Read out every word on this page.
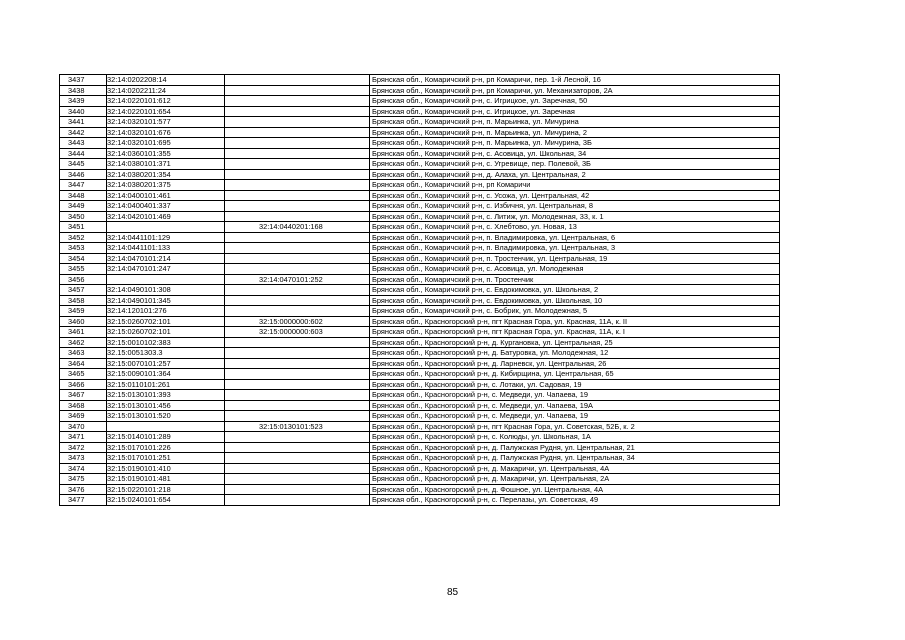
3437	32:14:0202208:14		Брянская обл., Комаричский р-н, рп Комаричи, пер. 1-й Лесной, 16
3438	32:14:0202211:24		Брянская обл., Комаричский р-н, рп Комаричи, ул. Механизаторов, 2А
3439	32:14:0220101:612		Брянская обл., Комаричский р-н, с. Игрицкое, ул. Заречная, 50
3440	32:14:0220101:654		Брянская обл., Комаричский р-н, с. Игрицкое, ул. Заречная
3441	32:14:0320101:577		Брянская обл., Комаричский р-н, п. Марьинка, ул. Мичурина
3442	32:14:0320101:676		Брянская обл., Комаричский р-н, п. Марьинка, ул. Мичурина, 2
3443	32:14:0320101:695		Брянская обл., Комаричский р-н, п. Марьинка, ул. Мичурина, 3Б
3444	32:14:0360101:355		Брянская обл., Комаричский р-н, с. Асовица, ул. Школьная, 34
3445	32:14:0380101:371		Брянская обл., Комаричский р-н, с. Угревище, пер. Полевой, 3Б
3446	32:14:0380201:354		Брянская обл., Комаричский р-н, д. Алаха, ул. Центральная, 2
3447	32:14:0380201:375		Брянская обл., Комаричский р-н, рп Комаричи
3448	32:14:0400101:461		Брянская обл., Комаричский р-н, с. Усожа, ул. Центральная, 42
3449	32:14:0400401:337		Брянская обл., Комаричский р-н, с. Избичня, ул. Центральная, 8
3450	32:14:0420101:469		Брянская обл., Комаричский р-н, с. Литиж, ул. Молодежная, 33, к. 1
3451		32:14:0440201:168	Брянская обл., Комаричский р-н, с. Хлебтово, ул. Новая, 13
3452	32:14:0441101:129		Брянская обл., Комаричский р-н, п. Владимировка, ул. Центральная, 6
3453	32:14:0441101:133		Брянская обл., Комаричский р-н, п. Владимировка, ул. Центральная, 3
3454	32:14:0470101:214		Брянская обл., Комаричский р-н, п. Тростенчик, ул. Центральная, 19
3455	32:14:0470101:247		Брянская обл., Комаричский р-н, с. Асовица, ул. Молодежная
3456		32:14:0470101:252	Брянская обл., Комаричский р-н, п. Тростенчик
3457	32:14:0490101:308		Брянская обл., Комаричский р-н, с. Евдокимовка, ул. Школьная, 2
3458	32:14:0490101:345		Брянская обл., Комаричский р-н, с. Евдокимовка, ул. Школьная, 10
3459	32:14:120101:276		Брянская обл., Комаричский р-н, с. Бобрик, ул. Молодежная, 5
3460	32:15:0260702:101	32:15:0000000:602	Брянская обл., Красногорский р-н, пгт Красная Гора, ул. Красная, 11А, к. II
3461	32:15:0260702:101	32:15:0000000:603	Брянская обл., Красногорский р-н, пгт Красная Гора, ул. Красная, 11А, к. I
3462	32:15:0010102:383		Брянская обл., Красногорский р-н, д. Кургановка, ул. Центральная, 25
3463	32.15:0051303.3		Брянская обл., Красногорский р-н, д. Батуровка, ул. Молодежная, 12
3464	32:15:0070101:257		Брянская обл., Красногорский р-н, д. Ларневск, ул. Центральная, 26
3465	32:15:0090101:364		Брянская обл., Красногорский р-н, д. Кибирщина, ул. Центральная, 65
3466	32:15:0110101:261		Брянская обл., Красногорский р-н, с. Лотаки, ул. Садовая, 19
3467	32:15:0130101:393		Брянская обл., Красногорский р-н, с. Медведи, ул. Чапаева, 19
3468	32:15:0130101:456		Брянская обл., Красногорский р-н, с. Медведи, ул. Чапаева, 19А
3469	32:15:0130101:520		Брянская обл., Красногорский р-н, с. Медведи, ул. Чапаева, 19
3470		32:15:0130101:523	Брянская обл., Красногорский р-н, пгт Красная Гора, ул. Советская, 52Б, к. 2
3471	32:15:0140101:289		Брянская обл., Красногорский р-н, с. Колюды, ул. Школьная, 1А
3472	32:15:0170101:226		Брянская обл., Красногорский р-н, д. Палужская Рудня, ул. Центральная, 21
3473	32:15:0170101:251		Брянская обл., Красногорский р-н, д. Палужская Рудня, ул. Центральная, 34
3474	32:15:0190101:410		Брянская обл., Красногорский р-н, д. Макаричи, ул. Центральная, 4А
3475	32:15:0190101:481		Брянская обл., Красногорский р-н, д. Макаричи, ул. Центральная, 2А
3476	32:15:0220101:218		Брянская обл., Красногорский р-н, д. Фошное, ул. Центральная, 4А
3477	32:15:0240101:654		Брянская обл., Красногорский р-н, с. Перелазы, ул. Советская, 49
85
